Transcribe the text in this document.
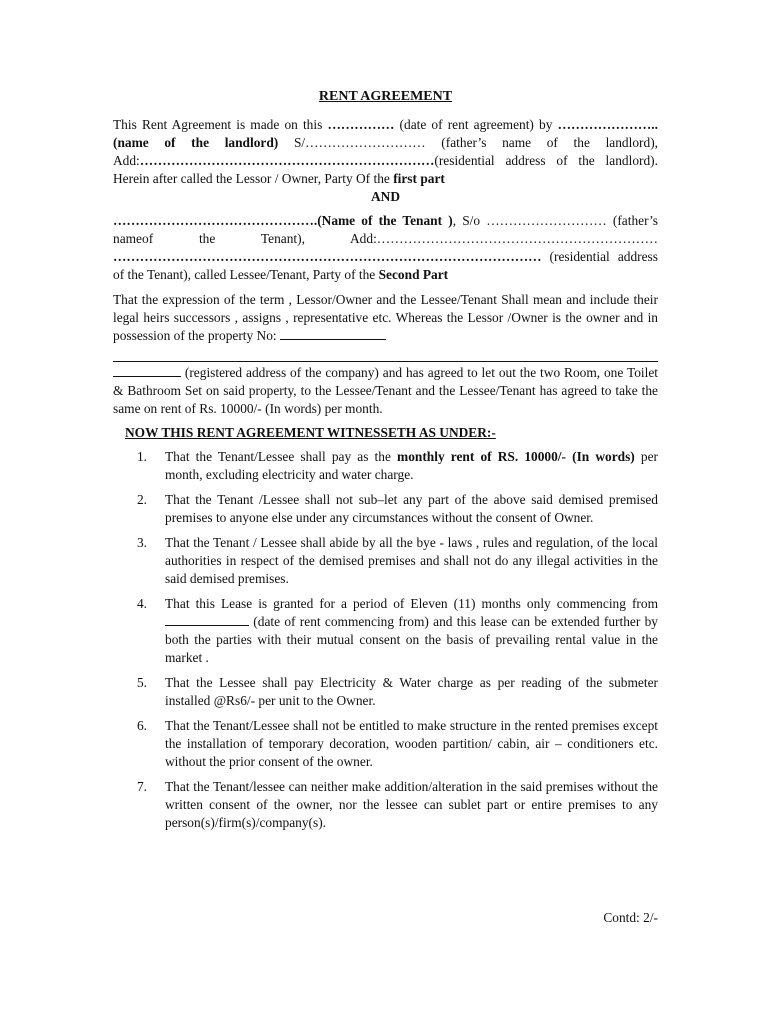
RENT AGREEMENT

This Rent Agreement is made on this …………… (date of rent agreement) by ………………….. (name of the landlord) S/……………………… (father’s name of the landlord), Add:…………………………………………………………(residential address of the landlord). Herein after called the Lessor / Owner, Party Of the first part

AND

……………………………………….(Name of the Tenant ), S/o ……………………… (father’s nameof the Tenant), Add:……………………………………………………… …………………………………………………………………………………… (residential address of the Tenant), called Lessee/Tenant, Party of the Second Part

That the expression of the term , Lessor/Owner and the Lessee/Tenant Shall mean and include their legal heirs successors , assigns , representative etc. Whereas the Lessor /Owner is the owner and in possession of the property No:

(registered address of the company) and has agreed to let out the two Room, one Toilet & Bathroom Set on said property, to the Lessee/Tenant and the Lessee/Tenant has agreed to take the same on rent of Rs. 10000/- (In words) per month.

NOW THIS RENT AGREEMENT WITNESSETH AS UNDER:-
1.	That the Tenant/Lessee shall pay as the monthly rent of RS. 10000/- (In words) per month, excluding electricity and water charge.
2.	That the Tenant /Lessee shall not sub–let any part of the above said demised premised premises to anyone else under any circumstances without the consent of Owner.
3.	That the Tenant / Lessee shall abide by all the bye - laws , rules and regulation, of the local authorities in respect of the demised premises and shall not do any illegal activities in the said demised premises.
4.	That this Lease is granted for a period of Eleven (11) months only commencing from  (date of rent commencing from) and this lease can be extended further by both the parties with their mutual consent on the basis of prevailing rental value in the market .
5.	That the Lessee shall pay Electricity & Water charge as per reading of the submeter installed @Rs6/- per unit to the Owner.
6.	That the Tenant/Lessee shall not be entitled to make structure in the rented premises except the installation of temporary decoration, wooden partition/ cabin, air – conditioners etc. without the prior consent of the owner.
7.	That the Tenant/lessee can neither make addition/alteration in the said premises without the written consent of the owner, nor the lessee can sublet part or entire premises to any person(s)/firm(s)/company(s).
Contd: 2/-
